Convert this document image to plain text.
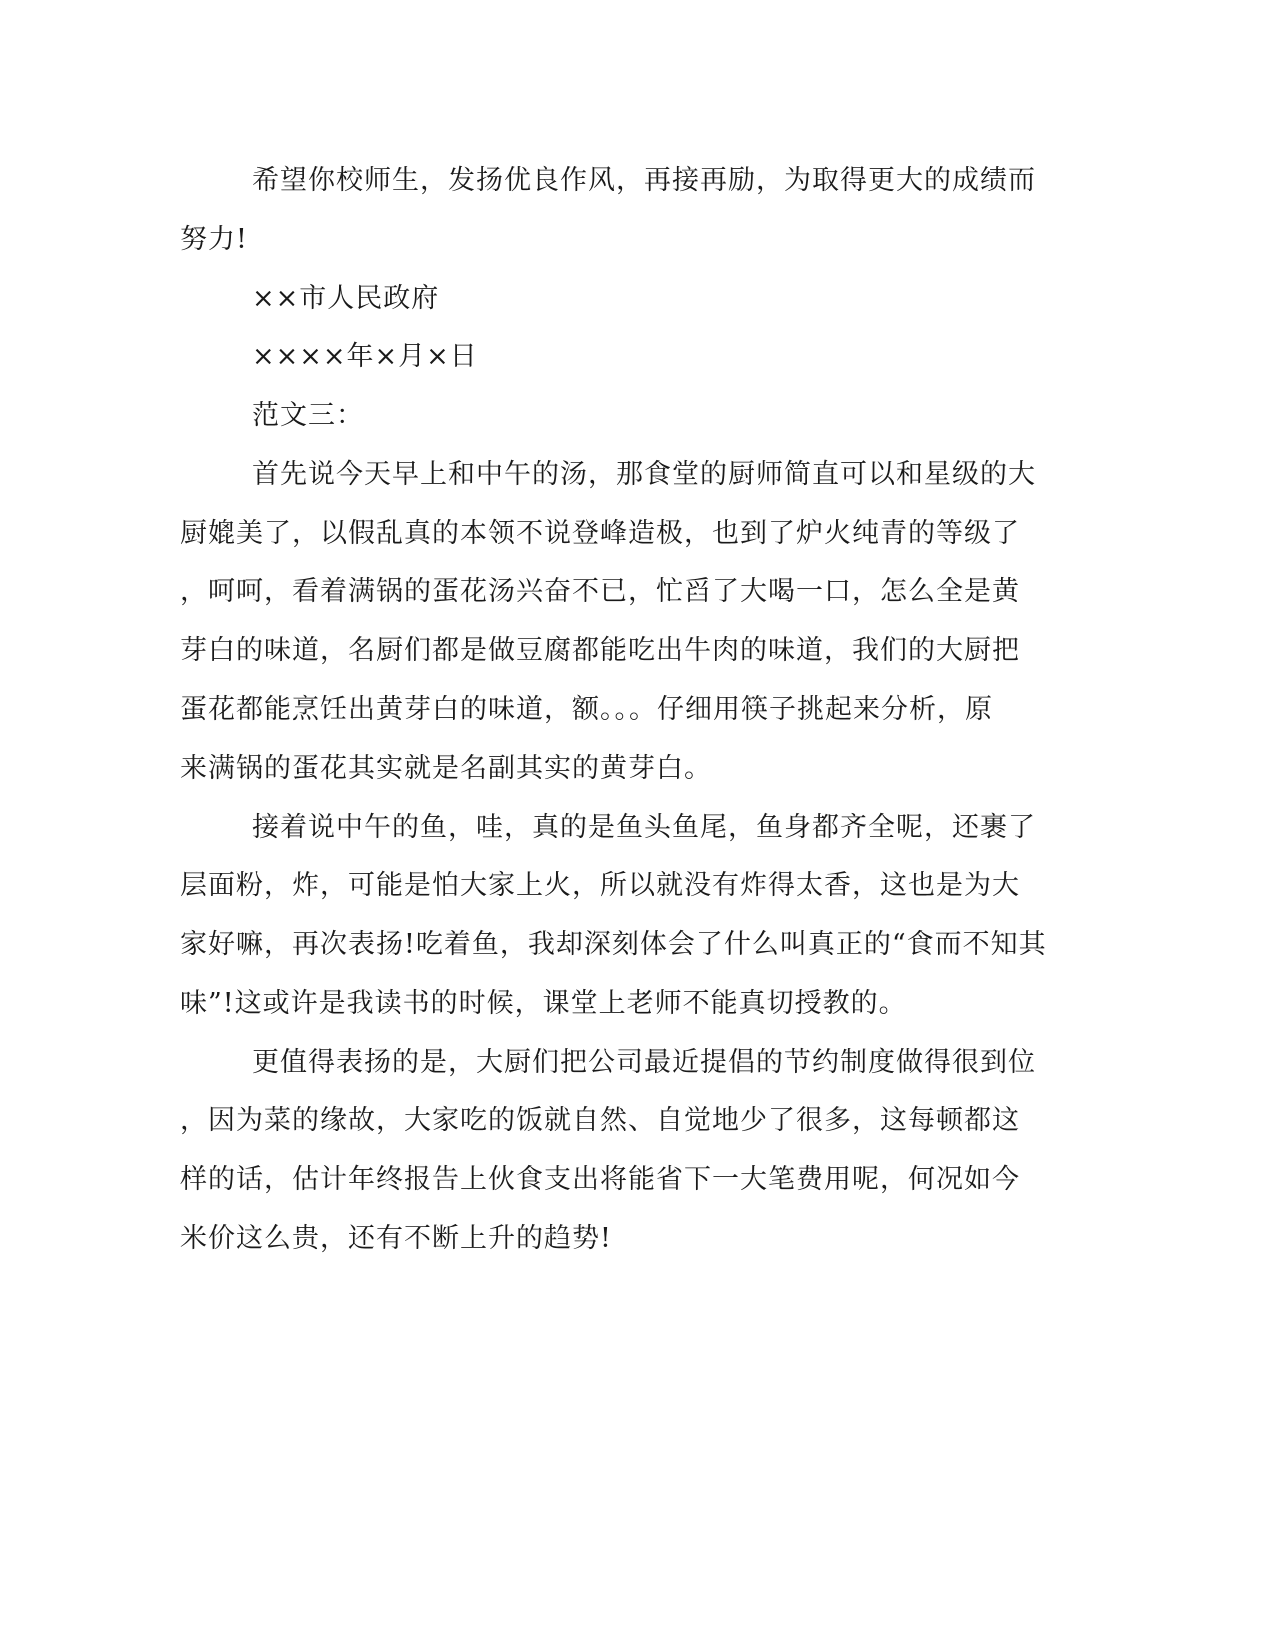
希望你校师生，发扬优良作风，再接再励，为取得更大的成绩而
努力!
××市人民政府
××××年×月×日
范文三：
首先说今天早上和中午的汤，那食堂的厨师简直可以和星级的大
厨媲美了，以假乱真的本领不说登峰造极，也到了炉火纯青的等级了
，呵呵，看着满锅的蛋花汤兴奋不已，忙舀了大喝一口，怎么全是黄
芽白的味道，名厨们都是做豆腐都能吃出牛肉的味道，我们的大厨把
蛋花都能烹饪出黄芽白的味道，额。。。仔细用筷子挑起来分析，原
来满锅的蛋花其实就是名副其实的黄芽白。
接着说中午的鱼，哇，真的是鱼头鱼尾，鱼身都齐全呢，还裹了
层面粉，炸，可能是怕大家上火，所以就没有炸得太香，这也是为大
家好嘛，再次表扬!吃着鱼，我却深刻体会了什么叫真正的“食而不知其
味”!这或许是我读书的时候，课堂上老师不能真切授教的。
更值得表扬的是，大厨们把公司最近提倡的节约制度做得很到位
，因为菜的缘故，大家吃的饭就自然、自觉地少了很多，这每顿都这
样的话，估计年终报告上伙食支出将能省下一大笔费用呢，何况如今
米价这么贵，还有不断上升的趋势!
